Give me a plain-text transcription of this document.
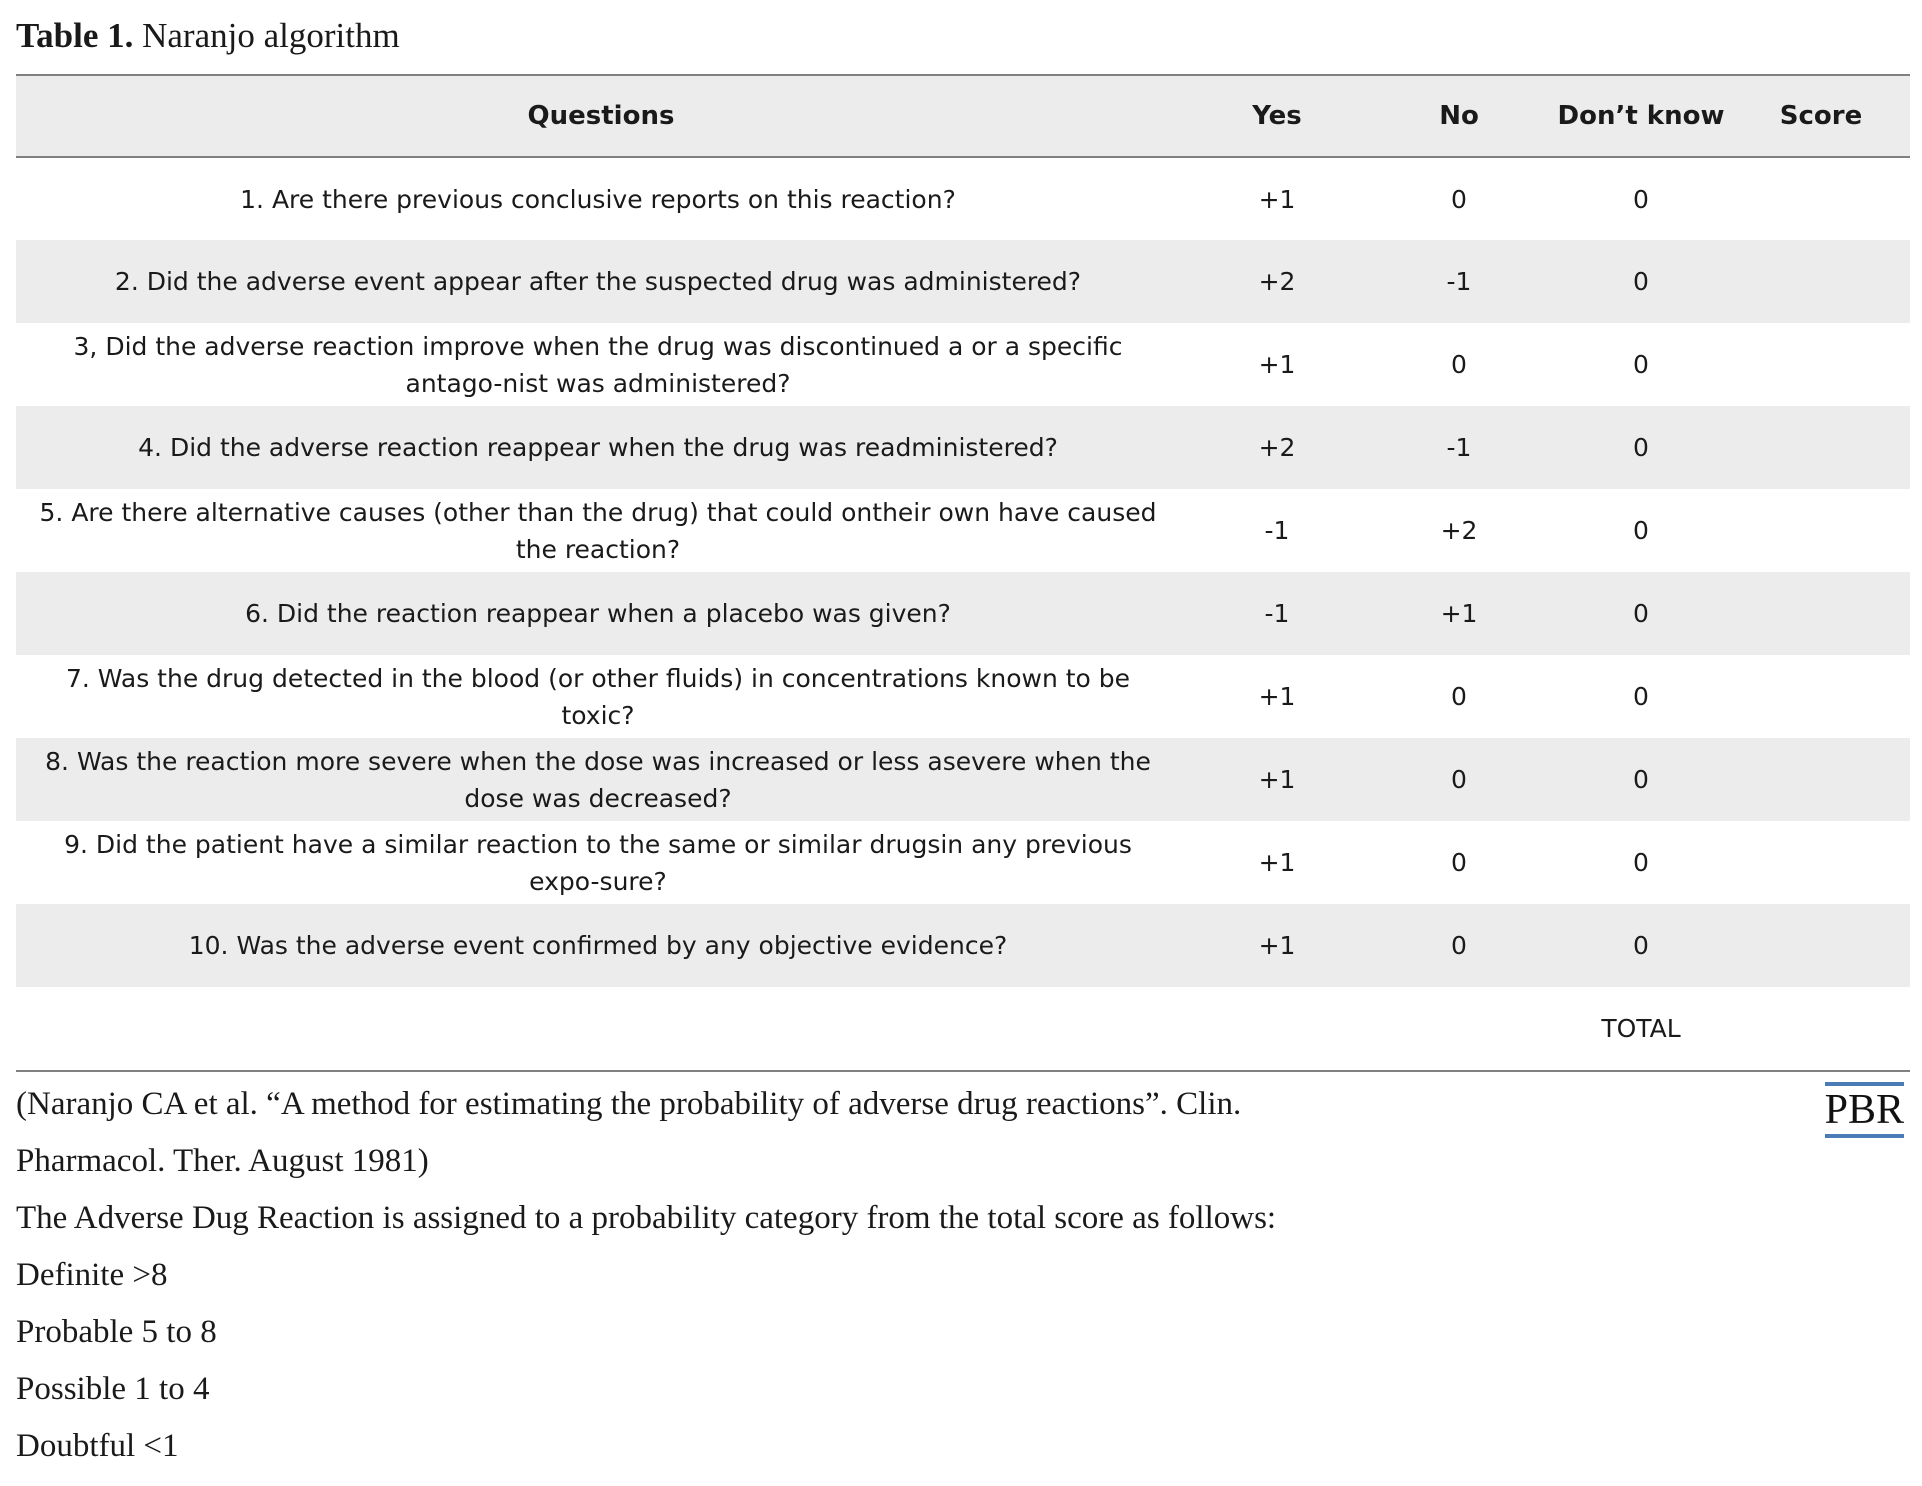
Table 1. Naranjo algorithm
Questions	Yes	No	Don’t know	Score
1. Are there previous conclusive reports on this reaction?	+1	0	0	
2. Did the adverse event appear after the suspected drug was administered?	+2	-1	0	
3, Did the adverse reaction improve when the drug was discontinued a or a specific antago-nist was administered?	+1	0	0	
4. Did the adverse reaction reappear when the drug was readministered?	+2	-1	0	
5. Are there alternative causes (other than the drug) that could ontheir own have caused the reaction?	-1	+2	0	
6. Did the reaction reappear when a placebo was given?	-1	+1	0	
7. Was the drug detected in the blood (or other fluids) in concentrations known to be toxic?	+1	0	0	
8. Was the reaction more severe when the dose was increased or less asevere when the dose was decreased?	+1	0	0	
9. Did the patient have a similar reaction to the same or similar drugsin any previous expo-sure?	+1	0	0	
10. Was the adverse event confirmed by any objective evidence?	+1	0	0	
			TOTAL	

(Naranjo CA et al. “A method for estimating the probability of adverse drug reactions”. Clin.

Pharmacol. Ther. August 1981)

The Adverse Dug Reaction is assigned to a probability category from the total score as follows:

Definite >8

Probable 5 to 8

Possible 1 to 4

Doubtful <1

PBR
